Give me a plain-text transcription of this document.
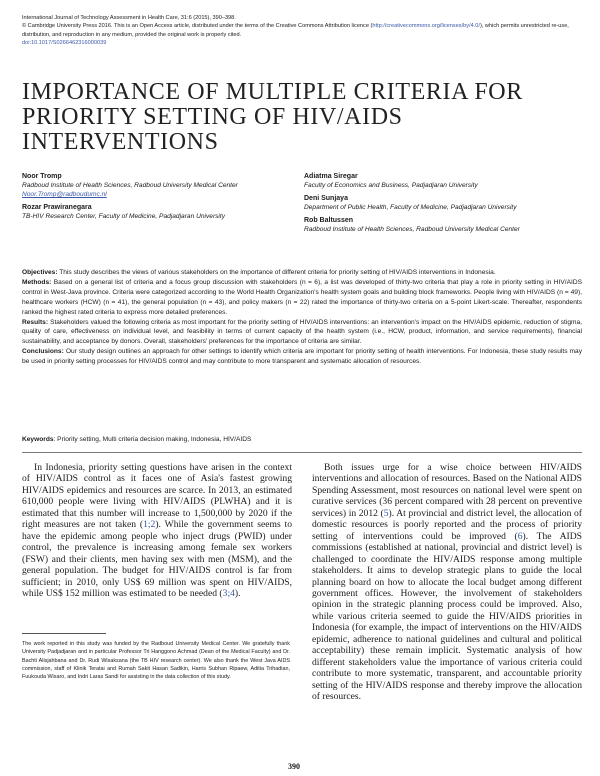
International Journal of Technology Assessment in Health Care, 31:6 (2015), 390–398.
© Cambridge University Press 2016. This is an Open Access article, distributed under the terms of the Creative Commons Attribution licence (http://creativecommons.org/licenses/by/4.0/), which permits unrestricted re-use, distribution, and reproduction in any medium, provided the original work is properly cited.
doi:10.1017/S0266462316000039
IMPORTANCE OF MULTIPLE CRITERIA FOR PRIORITY SETTING OF HIV/AIDS INTERVENTIONS
Noor Tromp
Radboud Institute of Health Sciences, Radboud University Medical Center
Noor.Tromp@radboudumc.nl
Rozar Prawiranegara
TB-HIV Research Center, Faculty of Medicine, Padjadjaran University
Adiatma Siregar
Faculty of Economics and Business, Padjadjaran University
Deni Sunjaya
Department of Public Health, Faculty of Medicine, Padjadjaran University
Rob Baltussen
Radboud Institute of Health Sciences, Radboud University Medical Center

Objectives: This study describes the views of various stakeholders on the importance of different criteria for priority setting of HIV/AIDS interventions in Indonesia.

Methods: Based on a general list of criteria and a focus group discussion with stakeholders (n = 6), a list was developed of thirty-two criteria that play a role in priority setting in HIV/AIDS control in West-Java province. Criteria were categorized according to the World Health Organization's health system goals and building block frameworks. People living with HIV/AIDS (n = 49), healthcare workers (HCW) (n = 41), the general population (n = 43), and policy makers (n = 22) rated the importance of thirty-two criteria on a 5-point Likert-scale. Thereafter, respondents ranked the highest rated criteria to express more detailed preferences.

Results: Stakeholders valued the following criteria as most important for the priority setting of HIV/AIDS interventions: an intervention's impact on the HIV/AIDS epidemic, reduction of stigma, quality of care, effectiveness on individual level, and feasibility in terms of current capacity of the health system (i.e., HCW, product, information, and service requirements), financial sustainability, and acceptance by donors. Overall, stakeholders' preferences for the importance of criteria are similar.

Conclusions: Our study design outlines an approach for other settings to identify which criteria are important for priority setting of health interventions. For Indonesia, these study results may be used in priority setting processes for HIV/AIDS control and may contribute to more transparent and systematic allocation of resources.

Keywords: Priority setting, Multi criteria decision making, Indonesia, HIV/AIDS

In Indonesia, priority setting questions have arisen in the context of HIV/AIDS control as it faces one of Asia's fastest growing HIV/AIDS epidemics and resources are scarce. In 2013, an estimated 610,000 people were living with HIV/AIDS (PLWHA) and it is estimated that this number will increase to 1,500,000 by 2020 if the right measures are not taken (1;2). While the government seems to have the epidemic among people who inject drugs (PWID) under control, the prevalence is increasing among female sex workers (FSW) and their clients, men having sex with men (MSM), and the general population. The budget for HIV/AIDS control is far from sufficient; in 2010, only US$ 69 million was spent on HIV/AIDS, while US$ 152 million was estimated to be needed (3;4).

Both issues urge for a wise choice between HIV/AIDS interventions and allocation of resources. Based on the National AIDS Spending Assessment, most resources on national level were spent on curative services (36 percent compared with 28 percent on preventive services) in 2012 (5). At provincial and district level, the allocation of domestic resources is poorly reported and the process of priority setting of interventions could be improved (6). The AIDS commissions (established at national, provincial and district level) is challenged to coordinate the HIV/AIDS response among multiple stakeholders. It aims to develop strategic plans to guide the local planning board on how to allocate the local budget among different government offices. However, the involvement of stakeholders opinion in the strategic planning process could be improved. Also, while various criteria seemed to guide the HIV/AIDS priorities in Indonesia (for example, the impact of interventions on the HIV/AIDS epidemic, adherence to national guidelines and cultural and political acceptability) these remain implicit. Systematic analysis of how different stakeholders value the importance of various criteria could contribute to more systematic, transparent, and accountable priority setting of the HIV/AIDS response and thereby improve the allocation of resources.

The work reported in this study was funded by the Radboud University Medical Center. We gratefully thank University Padjadjaran and in particular Professor Tri Hanggono Achmad (Dean of the Medical Faculty) and Dr. Bachti Alisjahbana and Dr. Rudi Wisaksana (the TB HIV research center). We also thank the West Java AIDS commission, staff of Klinik Teratai and Rumah Sakit Hasan Sadikin, Harris Subhan Ripaew, Aditia Trihadian, Fuukouda Wisaro, and Indri Laras Sandi for assisting in the data collection of this study.
390
